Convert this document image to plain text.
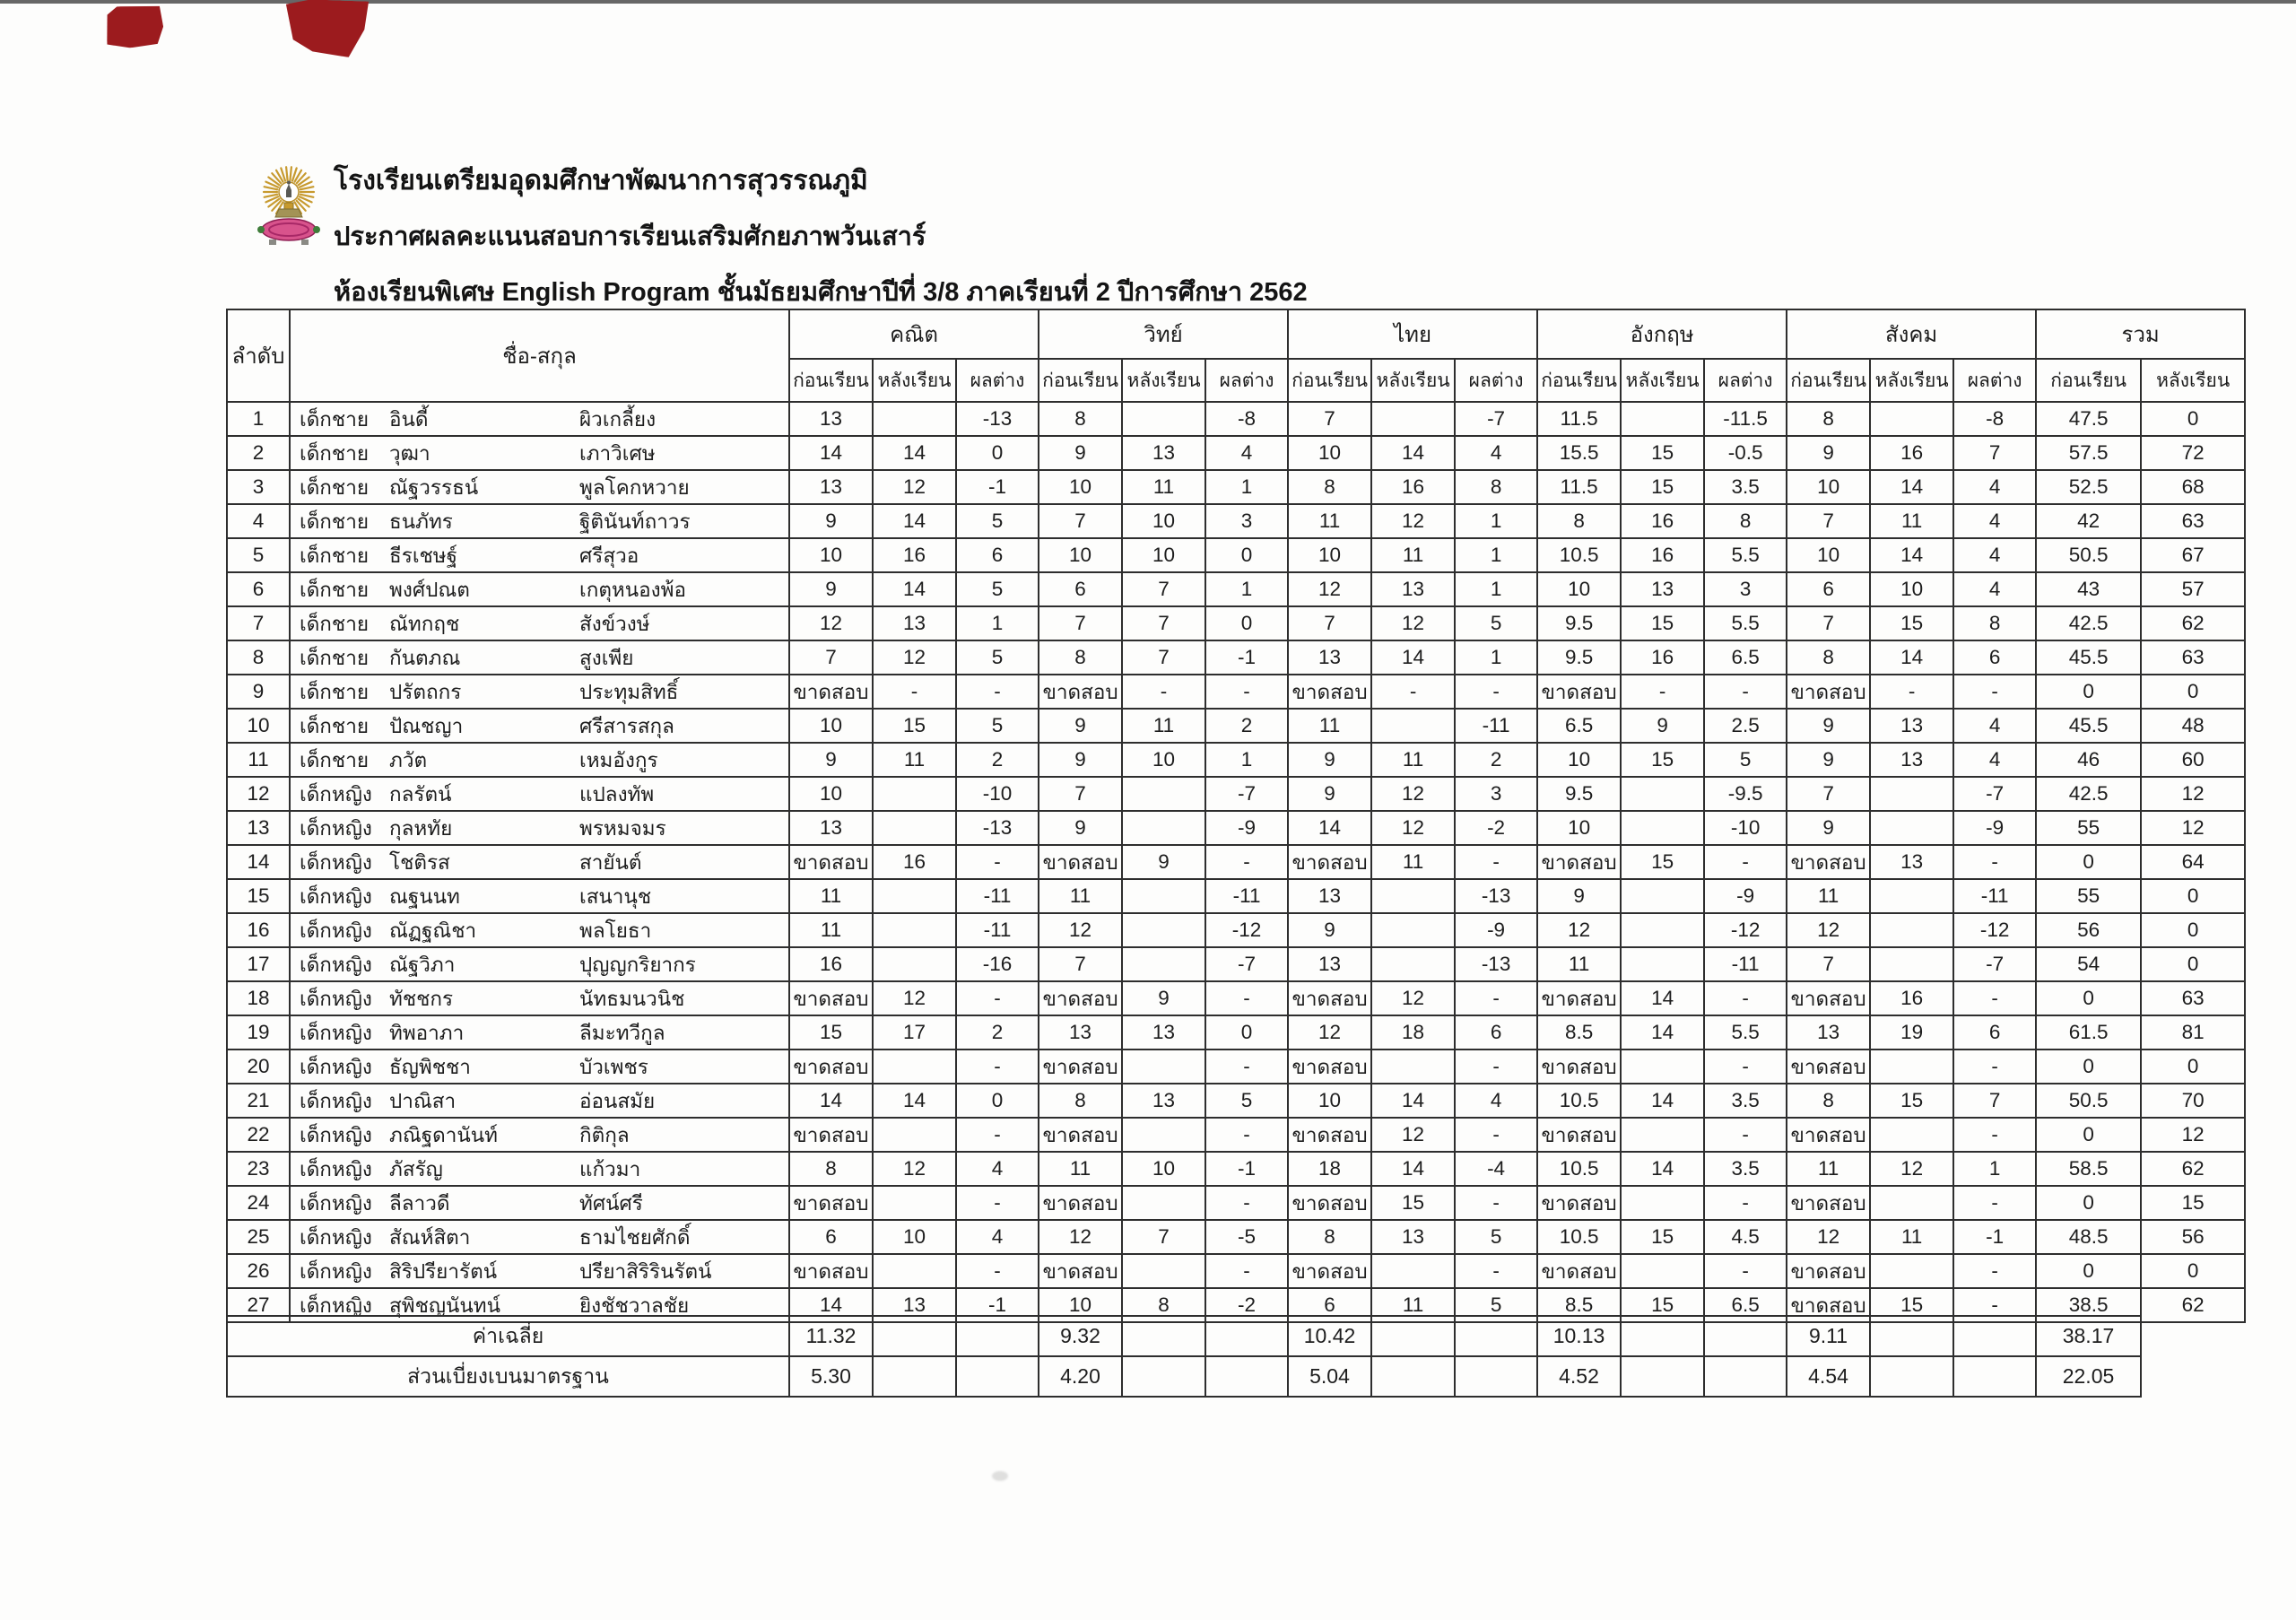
โรงเรียนเตรียมอุดมศึกษาพัฒนาการสุวรรณภูมิ
ประกาศผลคะแนนสอบการเรียนเสริมศักยภาพวันเสาร์
ห้องเรียนพิเศษ English Program ชั้นมัธยมศึกษาปีที่ 3/8 ภาคเรียนที่ 2 ปีการศึกษา 2562
ลำดับ	ชื่อ-สกุล	คณิต			วิทย์			ไทย			อังกฤษ			สังคม			รวม	
		ก่อนเรียน	หลังเรียน	ผลต่าง	ก่อนเรียน	หลังเรียน	ผลต่าง	ก่อนเรียน	หลังเรียน	ผลต่าง	ก่อนเรียน	หลังเรียน	ผลต่าง	ก่อนเรียน	หลังเรียน	ผลต่าง	ก่อนเรียน	หลังเรียน
1	เด็กชาย อินดี้ ผิวเกลี้ยง	13		-13	8		-8	7		-7	11.5		-11.5	8		-8	47.5	0
2	เด็กชาย วุฒา เภาวิเศษ	14	14	0	9	13	4	10	14	4	15.5	15	-0.5	9	16	7	57.5	72
3	เด็กชาย ณัฐวรรธน์ พูลโคกหวาย	13	12	-1	10	11	1	8	16	8	11.5	15	3.5	10	14	4	52.5	68
4	เด็กชาย ธนภัทร ฐิตินันท์ถาวร	9	14	5	7	10	3	11	12	1	8	16	8	7	11	4	42	63
5	เด็กชาย ธีรเชษฐ์ ศรีสุวอ	10	16	6	10	10	0	10	11	1	10.5	16	5.5	10	14	4	50.5	67
6	เด็กชาย พงศ์ปณต เกตุหนองพ้อ	9	14	5	6	7	1	12	13	1	10	13	3	6	10	4	43	57
7	เด็กชาย ณัทกฤช สังข์วงษ์	12	13	1	7	7	0	7	12	5	9.5	15	5.5	7	15	8	42.5	62
8	เด็กชาย กันตภณ สูงเพีย	7	12	5	8	7	-1	13	14	1	9.5	16	6.5	8	14	6	45.5	63
9	เด็กชาย ปรัตถกร ประทุมสิทธิ์	ขาดสอบ	-	-	ขาดสอบ	-	-	ขาดสอบ	-	-	ขาดสอบ	-	-	ขาดสอบ	-	-	0	0
10	เด็กชาย ปัณชญา ศรีสารสกุล	10	15	5	9	11	2	11		-11	6.5	9	2.5	9	13	4	45.5	48
11	เด็กชาย ภวัต เหมอังกูร	9	11	2	9	10	1	9	11	2	10	15	5	9	13	4	46	60
12	เด็กหญิง กลรัตน์ แปลงทัพ	10		-10	7		-7	9	12	3	9.5		-9.5	7		-7	42.5	12
13	เด็กหญิง กุลหทัย พรหมจมร	13		-13	9		-9	14	12	-2	10		-10	9		-9	55	12
14	เด็กหญิง โชติรส สายันต์	ขาดสอบ	16	-	ขาดสอบ	9	-	ขาดสอบ	11	-	ขาดสอบ	15	-	ขาดสอบ	13	-	0	64
15	เด็กหญิง ณฐนนท เสนานุช	11		-11	11		-11	13		-13	9		-9	11		-11	55	0
16	เด็กหญิง ณัฏฐณิชา พลโยธา	11		-11	12		-12	9		-9	12		-12	12		-12	56	0
17	เด็กหญิง ณัฐวิภา ปุญญกริยากร	16		-16	7		-7	13		-13	11		-11	7		-7	54	0
18	เด็กหญิง ทัชชกร นัทธมนวนิช	ขาดสอบ	12	-	ขาดสอบ	9	-	ขาดสอบ	12	-	ขาดสอบ	14	-	ขาดสอบ	16	-	0	63
19	เด็กหญิง ทิพอาภา ลีมะทวีกูล	15	17	2	13	13	0	12	18	6	8.5	14	5.5	13	19	6	61.5	81
20	เด็กหญิง ธัญพิชชา บัวเพชร	ขาดสอบ		-	ขาดสอบ		-	ขาดสอบ		-	ขาดสอบ		-	ขาดสอบ		-	0	0
21	เด็กหญิง ปาณิสา อ่อนสมัย	14	14	0	8	13	5	10	14	4	10.5	14	3.5	8	15	7	50.5	70
22	เด็กหญิง ภณิฐดานันท์ กิติกุล	ขาดสอบ		-	ขาดสอบ		-	ขาดสอบ	12	-	ขาดสอบ		-	ขาดสอบ		-	0	12
23	เด็กหญิง ภัสรัญ แก้วมา	8	12	4	11	10	-1	18	14	-4	10.5	14	3.5	11	12	1	58.5	62
24	เด็กหญิง ลีลาวดี ทัศน์ศรี	ขาดสอบ		-	ขาดสอบ		-	ขาดสอบ	15	-	ขาดสอบ		-	ขาดสอบ		-	0	15
25	เด็กหญิง สัณห์สิตา ธามไชยศักดิ์	6	10	4	12	7	-5	8	13	5	10.5	15	4.5	12	11	-1	48.5	56
26	เด็กหญิง สิริปรียารัตน์ ปรียาสิริรินรัตน์	ขาดสอบ		-	ขาดสอบ		-	ขาดสอบ		-	ขาดสอบ		-	ขาดสอบ		-	0	0
27	เด็กหญิง สุพิชญนันทน์ ยิงชัชวาลชัย	14	13	-1	10	8	-2	6	11	5	8.5	15	6.5	ขาดสอบ	15	-	38.5	62
ค่าเฉลี่ย	11.32			9.32			10.42			10.13			9.11			38.17
ส่วนเบี่ยงเบนมาตรฐาน	5.30			4.20			5.04			4.52			4.54			22.05
